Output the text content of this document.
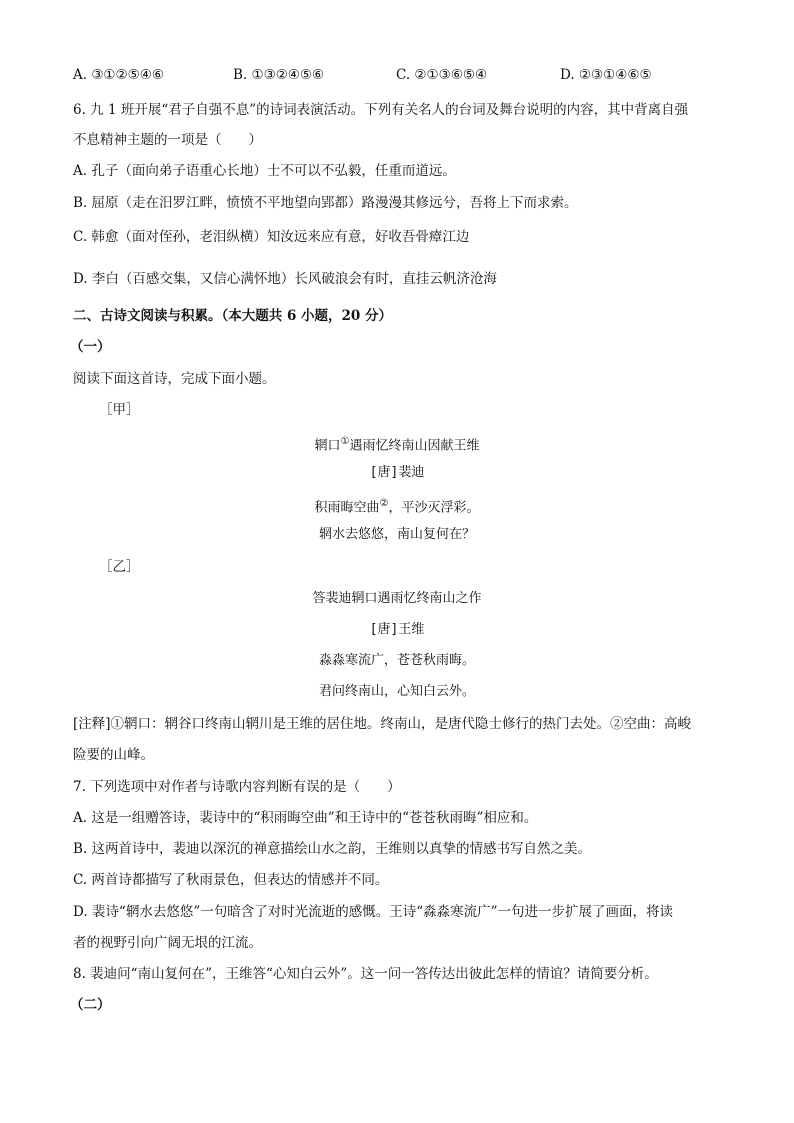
A. ③①②⑤④⑥	B. ①③②④⑤⑥	C. ②①③⑥⑤④	D. ②③①④⑥⑤
6. 九 1 班开展“君子自强不息”的诗词表演活动。下列有关名人的台词及舞台说明的内容，其中背离自强
不息精神主题的一项是（　　）
A. 孔子（面向弟子语重心长地）士不可以不弘毅，任重而道远。
B. 屈原（走在汨罗江畔，愤愤不平地望向郢都）路漫漫其修远兮，吾将上下而求索。
C. 韩愈（面对侄孙，老泪纵横）知汝远来应有意，好收吾骨瘴江边
D. 李白（百感交集，又信心满怀地）长风破浪会有时，直挂云帆济沧海
二、古诗文阅读与积累。（本大题共 6 小题，20 分）
（一）
阅读下面这首诗，完成下面小题。
［甲］
辋口①遇雨忆终南山因献王维
[唐]裴迪
积雨晦空曲②，平沙灭浮彩。
辋水去悠悠，南山复何在？
［乙］
答裴迪辋口遇雨忆终南山之作
[唐]王维
淼淼寒流广，苍苍秋雨晦。
君问终南山，心知白云外。
[注释]①辋口：辋谷口终南山辋川是王维的居住地。终南山，是唐代隐士修行的热门去处。②空曲：高峻
险要的山峰。
7. 下列选项中对作者与诗歌内容判断有误的是（　　）
A. 这是一组赠答诗，裴诗中的“积雨晦空曲”和王诗中的“苍苍秋雨晦”相应和。
B. 这两首诗中，裴迪以深沉的禅意描绘山水之韵，王维则以真挚的情感书写自然之美。
C. 两首诗都描写了秋雨景色，但表达的情感并不同。
D. 裴诗“辋水去悠悠”一句暗含了对时光流逝的感慨。王诗“淼淼寒流广”一句进一步扩展了画面，将读
者的视野引向广阔无垠的江流。
8. 裴迪问“南山复何在”，王维答“心知白云外”。这一问一答传达出彼此怎样的情谊？请简要分析。
（二）
